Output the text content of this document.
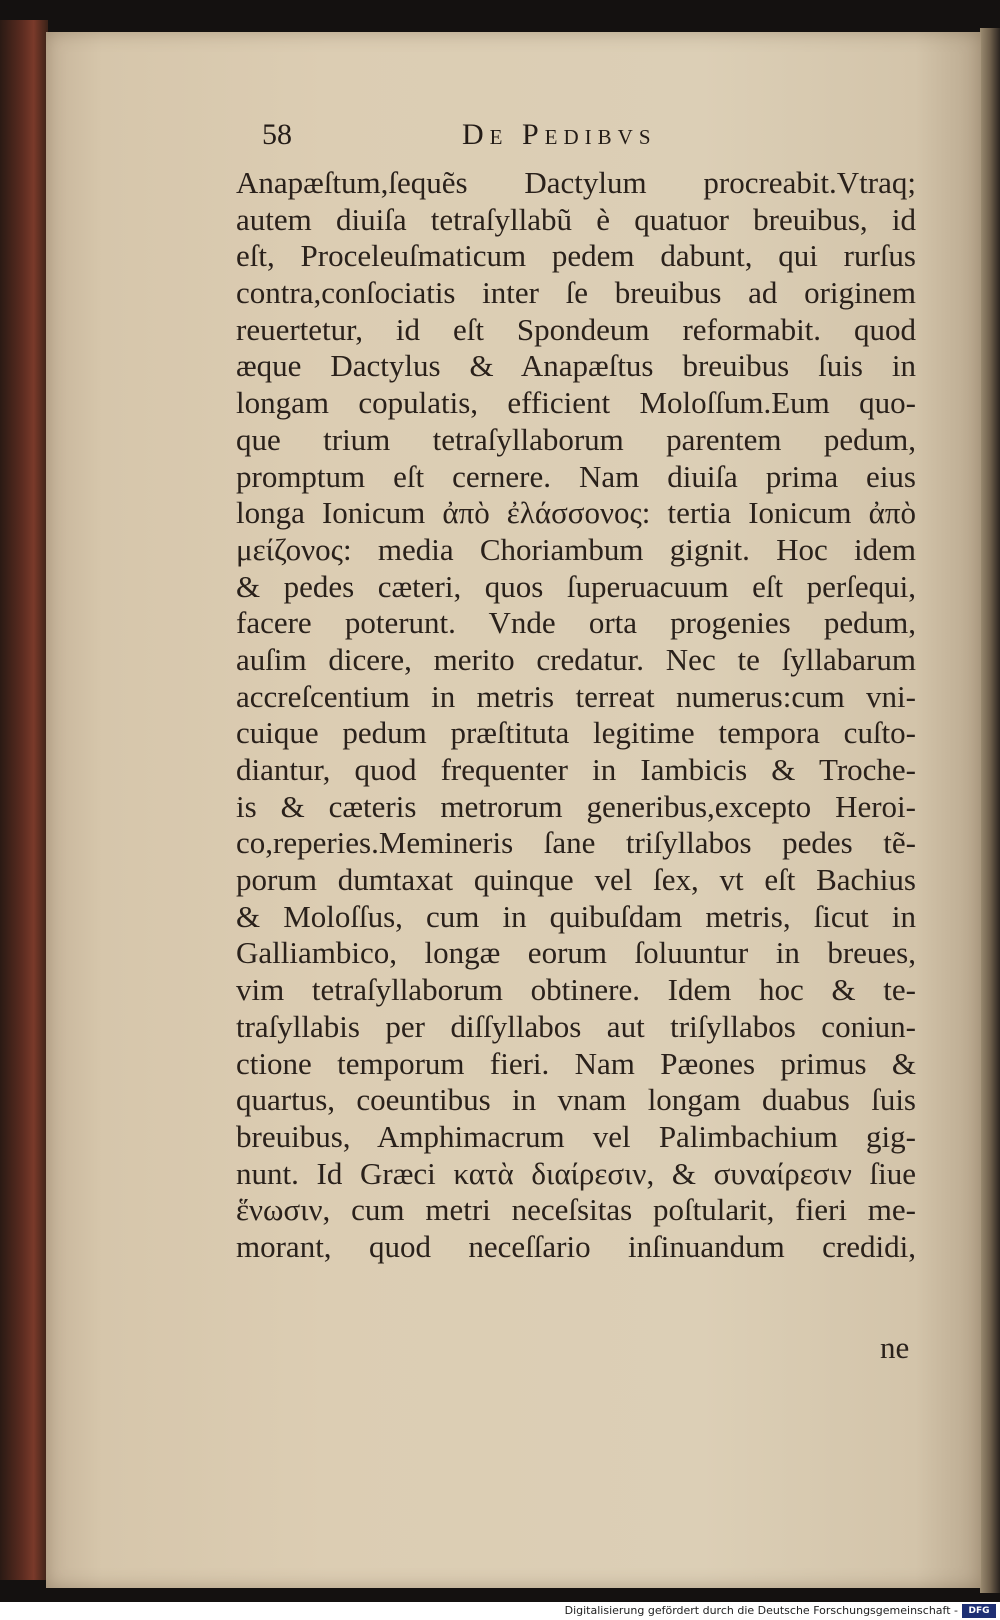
58	De Pedibvs
Anapæſtum,ſequẽs Dactylum procreabit.Vtraq;
autem diuiſa tetraſyllabũ è quatuor breuibus, id
eſt, Proceleuſmaticum pedem dabunt, qui rurſus
contra,conſociatis inter ſe breuibus ad originem
reuertetur, id eſt Spondeum reformabit. quod
æque Dactylus & Anapæſtus breuibus ſuis in
longam copulatis, efficient Moloſſum.Eum quo-
que trium tetraſyllaborum parentem pedum,
promptum eſt cernere. Nam diuiſa prima eius
longa Ionicum ἀπὸ ἐλάσσονος: tertia Ionicum ἀπὸ
μείζονος: media Choriambum gignit. Hoc idem
& pedes cæteri, quos ſuperuacuum eſt perſequi,
facere poterunt. Vnde orta progenies pedum,
auſim dicere, merito credatur. Nec te ſyllabarum
accreſcentium in metris terreat numerus:cum vni-
cuique pedum præſtituta legitime tempora cuſto-
diantur, quod frequenter in Iambicis & Troche-
is & cæteris metrorum generibus,excepto Heroi-
co,reperies.Memineris ſane triſyllabos pedes tẽ-
porum dumtaxat quinque vel ſex, vt eſt Bachius
& Moloſſus, cum in quibuſdam metris, ſicut in
Galliambico, longæ eorum ſoluuntur in breues,
vim tetraſyllaborum obtinere. Idem hoc & te-
traſyllabis per diſſyllabos aut triſyllabos coniun-
ctione temporum fieri. Nam Pæones primus &
quartus, coeuntibus in vnam longam duabus ſuis
breuibus, Amphimacrum vel Palimbachium gig-
nunt. Id Græci κατὰ διαίρεσιν, & συναίρεσιν ſiue
ἕνωσιν, cum metri neceſsitas poſtularit, fieri me-
morant, quod neceſſario inſinuandum credidi,
ne
Digitalisierung gefördert durch die Deutsche Forschungsgemeinschaft -	DFG
